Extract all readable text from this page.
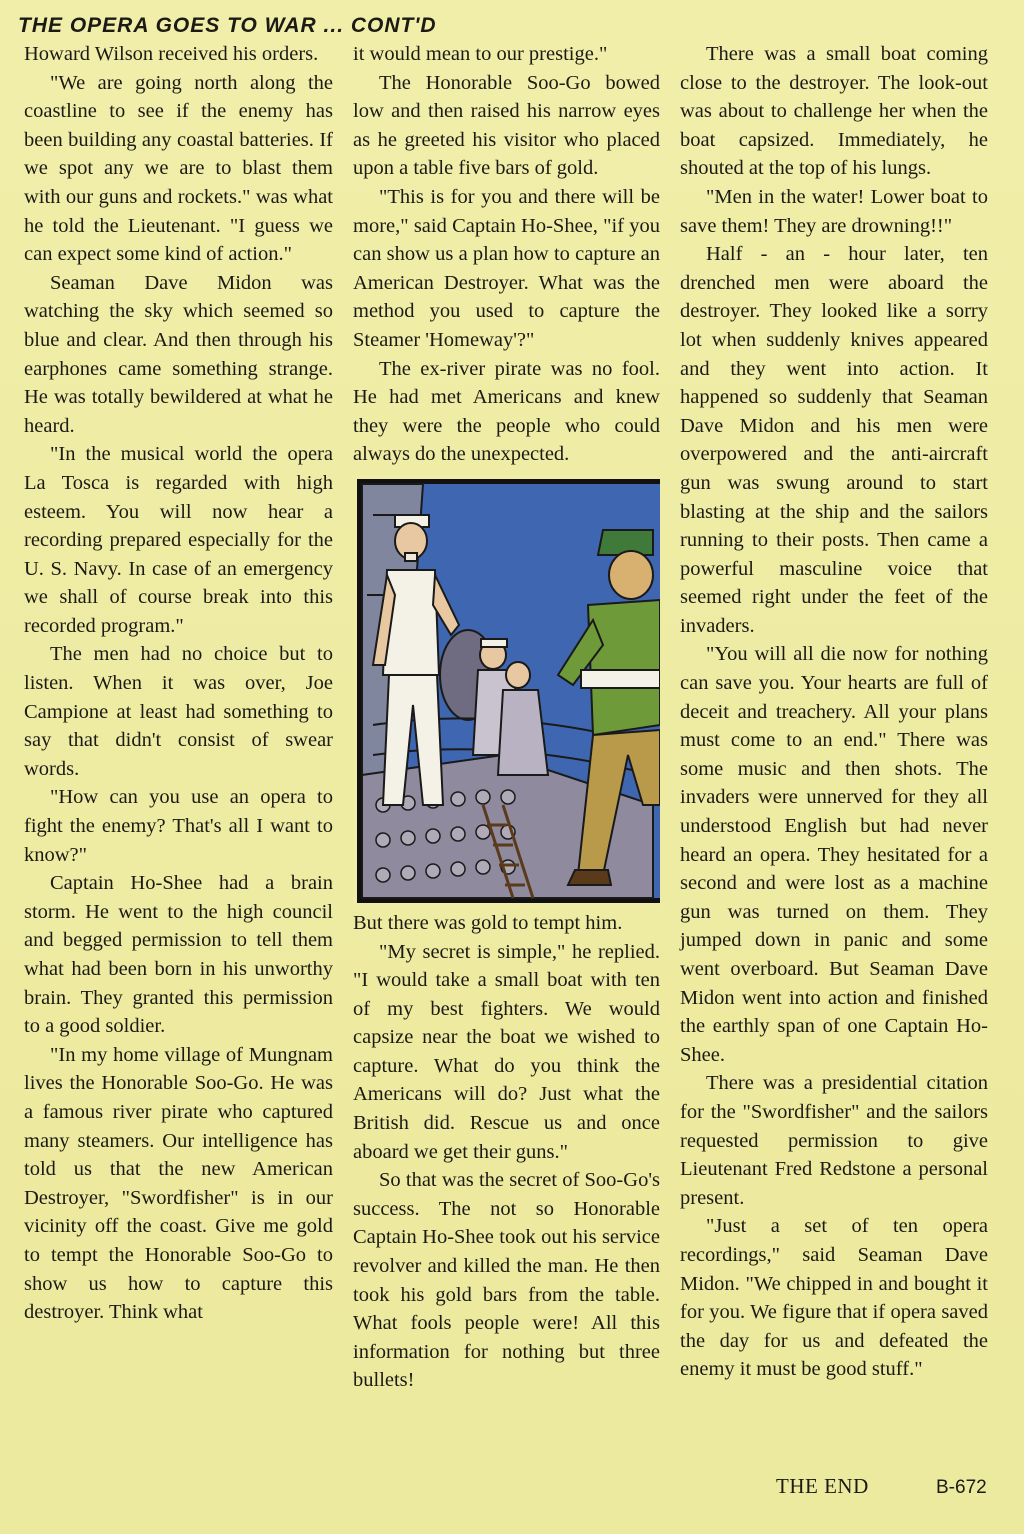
THE OPERA GOES TO WAR ... CONT'D

Howard Wilson received his orders.

"We are going north along the coastline to see if the enemy has been building any coastal batteries. If we spot any we are to blast them with our guns and rockets." was what he told the Lieutenant. "I guess we can expect some kind of action."

Seaman Dave Midon was watching the sky which seemed so blue and clear. And then through his earphones came something strange. He was totally bewildered at what he heard.

"In the musical world the opera La Tosca is regarded with high esteem. You will now hear a recording prepared especially for the U. S. Navy. In case of an emergency we shall of course break into this recorded program."

The men had no choice but to listen. When it was over, Joe Campione at least had something to say that didn't consist of swear words.

"How can you use an opera to fight the enemy? That's all I want to know?"

Captain Ho-Shee had a brain storm. He went to the high council and begged permission to tell them what had been born in his unworthy brain. They granted this permission to a good soldier.

"In my home village of Mungnam lives the Honorable Soo-Go. He was a famous river pirate who captured many steamers. Our intelligence has told us that the new American Destroyer, "Swordfisher" is in our vicinity off the coast. Give me gold to tempt the Honorable Soo-Go to show us how to capture this destroyer. Think what

it would mean to our prestige."

The Honorable Soo-Go bowed low and then raised his narrow eyes as he greeted his visitor who placed upon a table five bars of gold.

"This is for you and there will be more," said Captain Ho-Shee, "if you can show us a plan how to capture an American Destroyer. What was the method you used to capture the Steamer 'Homeway'?"

The ex-river pirate was no fool. He had met Americans and knew they were the people who could always do the unexpected.

But there was gold to tempt him.

"My secret is simple," he replied. "I would take a small boat with ten of my best fighters. We would capsize near the boat we wished to capture. What do you think the Americans will do? Just what the British did. Rescue us and once aboard we get their guns."

So that was the secret of Soo-Go's success. The not so Honorable Captain Ho-Shee took out his service revolver and killed the man. He then took his gold bars from the table. What fools people were! All this information for nothing but three bullets!

There was a small boat coming close to the destroyer. The look-out was about to challenge her when the boat capsized. Immediately, he shouted at the top of his lungs.

"Men in the water! Lower boat to save them! They are drowning!!"

Half - an - hour later, ten drenched men were aboard the destroyer. They looked like a sorry lot when suddenly knives appeared and they went into action. It happened so suddenly that Seaman Dave Midon and his men were overpowered and the anti-aircraft gun was swung around to start blasting at the ship and the sailors running to their posts. Then came a powerful masculine voice that seemed right under the feet of the invaders.

"You will all die now for nothing can save you. Your hearts are full of deceit and treachery. All your plans must come to an end." There was some music and then shots. The invaders were unnerved for they all understood English but had never heard an opera. They hesitated for a second and were lost as a machine gun was turned on them. They jumped down in panic and some went overboard. But Seaman Dave Midon went into action and finished the earthly span of one Captain Ho-Shee.

There was a presidential citation for the "Swordfisher" and the sailors requested permission to give Lieutenant Fred Redstone a personal present.

"Just a set of ten opera recordings," said Seaman Dave Midon. "We chipped in and bought it for you. We figure that if opera saved the day for us and defeated the enemy it must be good stuff."

THE END	B-672
